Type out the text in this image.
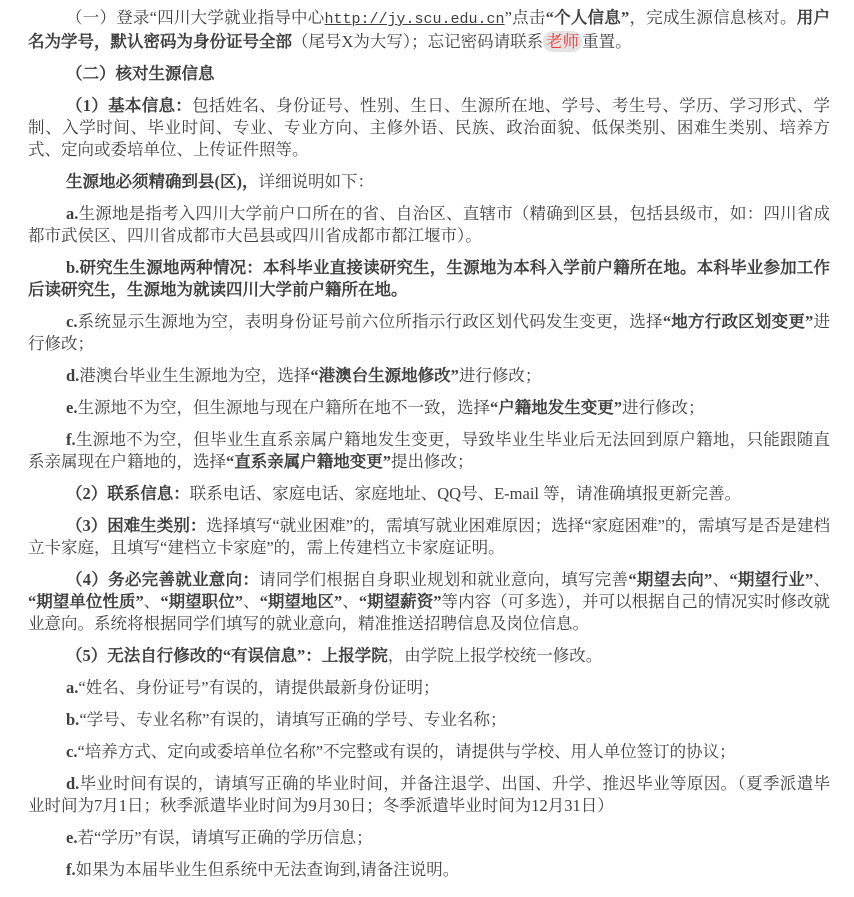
（一）登录“四川大学就业指导中心http://jy.scu.edu.cn”点击“个人信息”，完成生源信息核对。用户名为学号，默认密码为身份证号全部（尾号X为大写）；忘记密码请联系 老师 重置。

（二）核对生源信息

（1）基本信息：包括姓名、身份证号、性别、生日、生源所在地、学号、考生号、学历、学习形式、学制、入学时间、毕业时间、专业、专业方向、主修外语、民族、政治面貌、低保类别、困难生类别、培养方式、定向或委培单位、上传证件照等。

生源地必须精确到县(区)，详细说明如下：

a.生源地是指考入四川大学前户口所在的省、自治区、直辖市（精确到区县，包括县级市，如：四川省成都市武侯区、四川省成都市大邑县或四川省成都市都江堰市）。

b.研究生生源地两种情况：本科毕业直接读研究生，生源地为本科入学前户籍所在地。本科毕业参加工作后读研究生，生源地为就读四川大学前户籍所在地。

c.系统显示生源地为空，表明身份证号前六位所指示行政区划代码发生变更，选择“地方行政区划变更”进行修改；

d.港澳台毕业生生源地为空，选择“港澳台生源地修改”进行修改；

e.生源地不为空，但生源地与现在户籍所在地不一致，选择“户籍地发生变更”进行修改；

f.生源地不为空，但毕业生直系亲属户籍地发生变更，导致毕业生毕业后无法回到原户籍地，只能跟随直系亲属现在户籍地的，选择“直系亲属户籍地变更”提出修改；

（2）联系信息：联系电话、家庭电话、家庭地址、QQ号、E-mail 等，请准确填报更新完善。

（3）困难生类别：选择填写“就业困难”的，需填写就业困难原因；选择“家庭困难”的，需填写是否是建档立卡家庭，且填写“建档立卡家庭”的，需上传建档立卡家庭证明。

（4）务必完善就业意向：请同学们根据自身职业规划和就业意向，填写完善“期望去向”、“期望行业”、“期望单位性质”、“期望职位”、“期望地区”、“期望薪资”等内容（可多选），并可以根据自己的情况实时修改就业意向。系统将根据同学们填写的就业意向，精准推送招聘信息及岗位信息。

（5）无法自行修改的“有误信息”：上报学院，由学院上报学校统一修改。

a.“姓名、身份证号”有误的，请提供最新身份证明；

b.“学号、专业名称”有误的，请填写正确的学号、专业名称；

c.“培养方式、定向或委培单位名称”不完整或有误的，请提供与学校、用人单位签订的协议；

d.毕业时间有误的，请填写正确的毕业时间，并备注退学、出国、升学、推迟毕业等原因。（夏季派遣毕业时间为7月1日；秋季派遣毕业时间为9月30日；冬季派遣毕业时间为12月31日）

e.若“学历”有误，请填写正确的学历信息；

f.如果为本届毕业生但系统中无法查询到,请备注说明。
